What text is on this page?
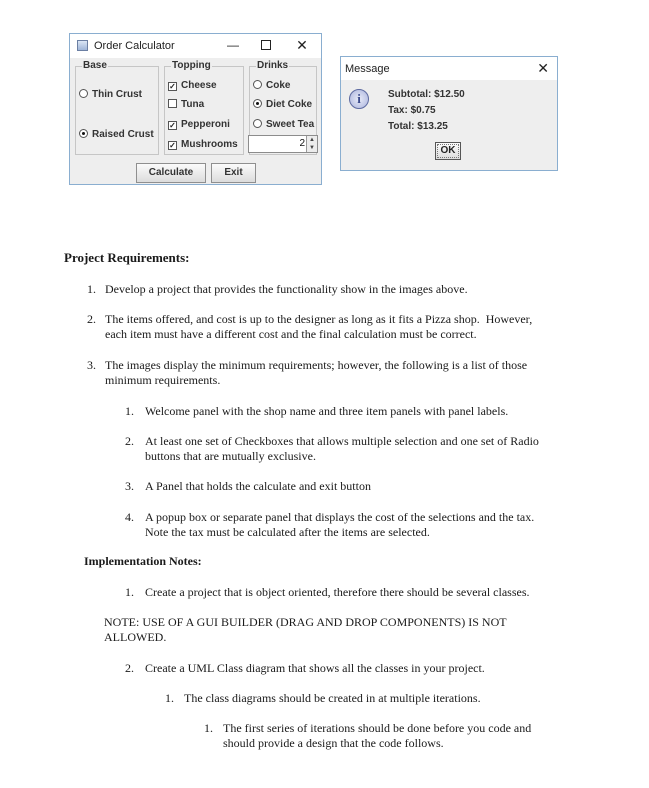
Order Calculator	—	✕
Base
Thin Crust
Raised Crust
Topping
✓ Cheese
Tuna
✓ Pepperoni
✓ Mushrooms
Drinks
Coke
Diet Coke
Sweet Tea
2 ▲
▼
Calculate	Exit
Message	✕
i	Subtotal: $12.50
Tax: $0.75
Total: $13.25
OK
Project Requirements:
1. Develop a project that provides the functionality show in the images above.
2. The items offered, and cost is up to the designer as long as it fits a Pizza shop.  However,
each item must have a different cost and the final calculation must be correct.
3. The images display the minimum requirements; however, the following is a list of those
minimum requirements.
1. Welcome panel with the shop name and three item panels with panel labels.
2. At least one set of Checkboxes that allows multiple selection and one set of Radio
buttons that are mutually exclusive.
3. A Panel that holds the calculate and exit button
4. A popup box or separate panel that displays the cost of the selections and the tax.
Note the tax must be calculated after the items are selected.
Implementation Notes:
1. Create a project that is object oriented, therefore there should be several classes.
NOTE: USE OF A GUI BUILDER (DRAG AND DROP COMPONENTS) IS NOT
ALLOWED.
2. Create a UML Class diagram that shows all the classes in your project.
1. The class diagrams should be created in at multiple iterations.
1. The first series of iterations should be done before you code and
should provide a design that the code follows.
